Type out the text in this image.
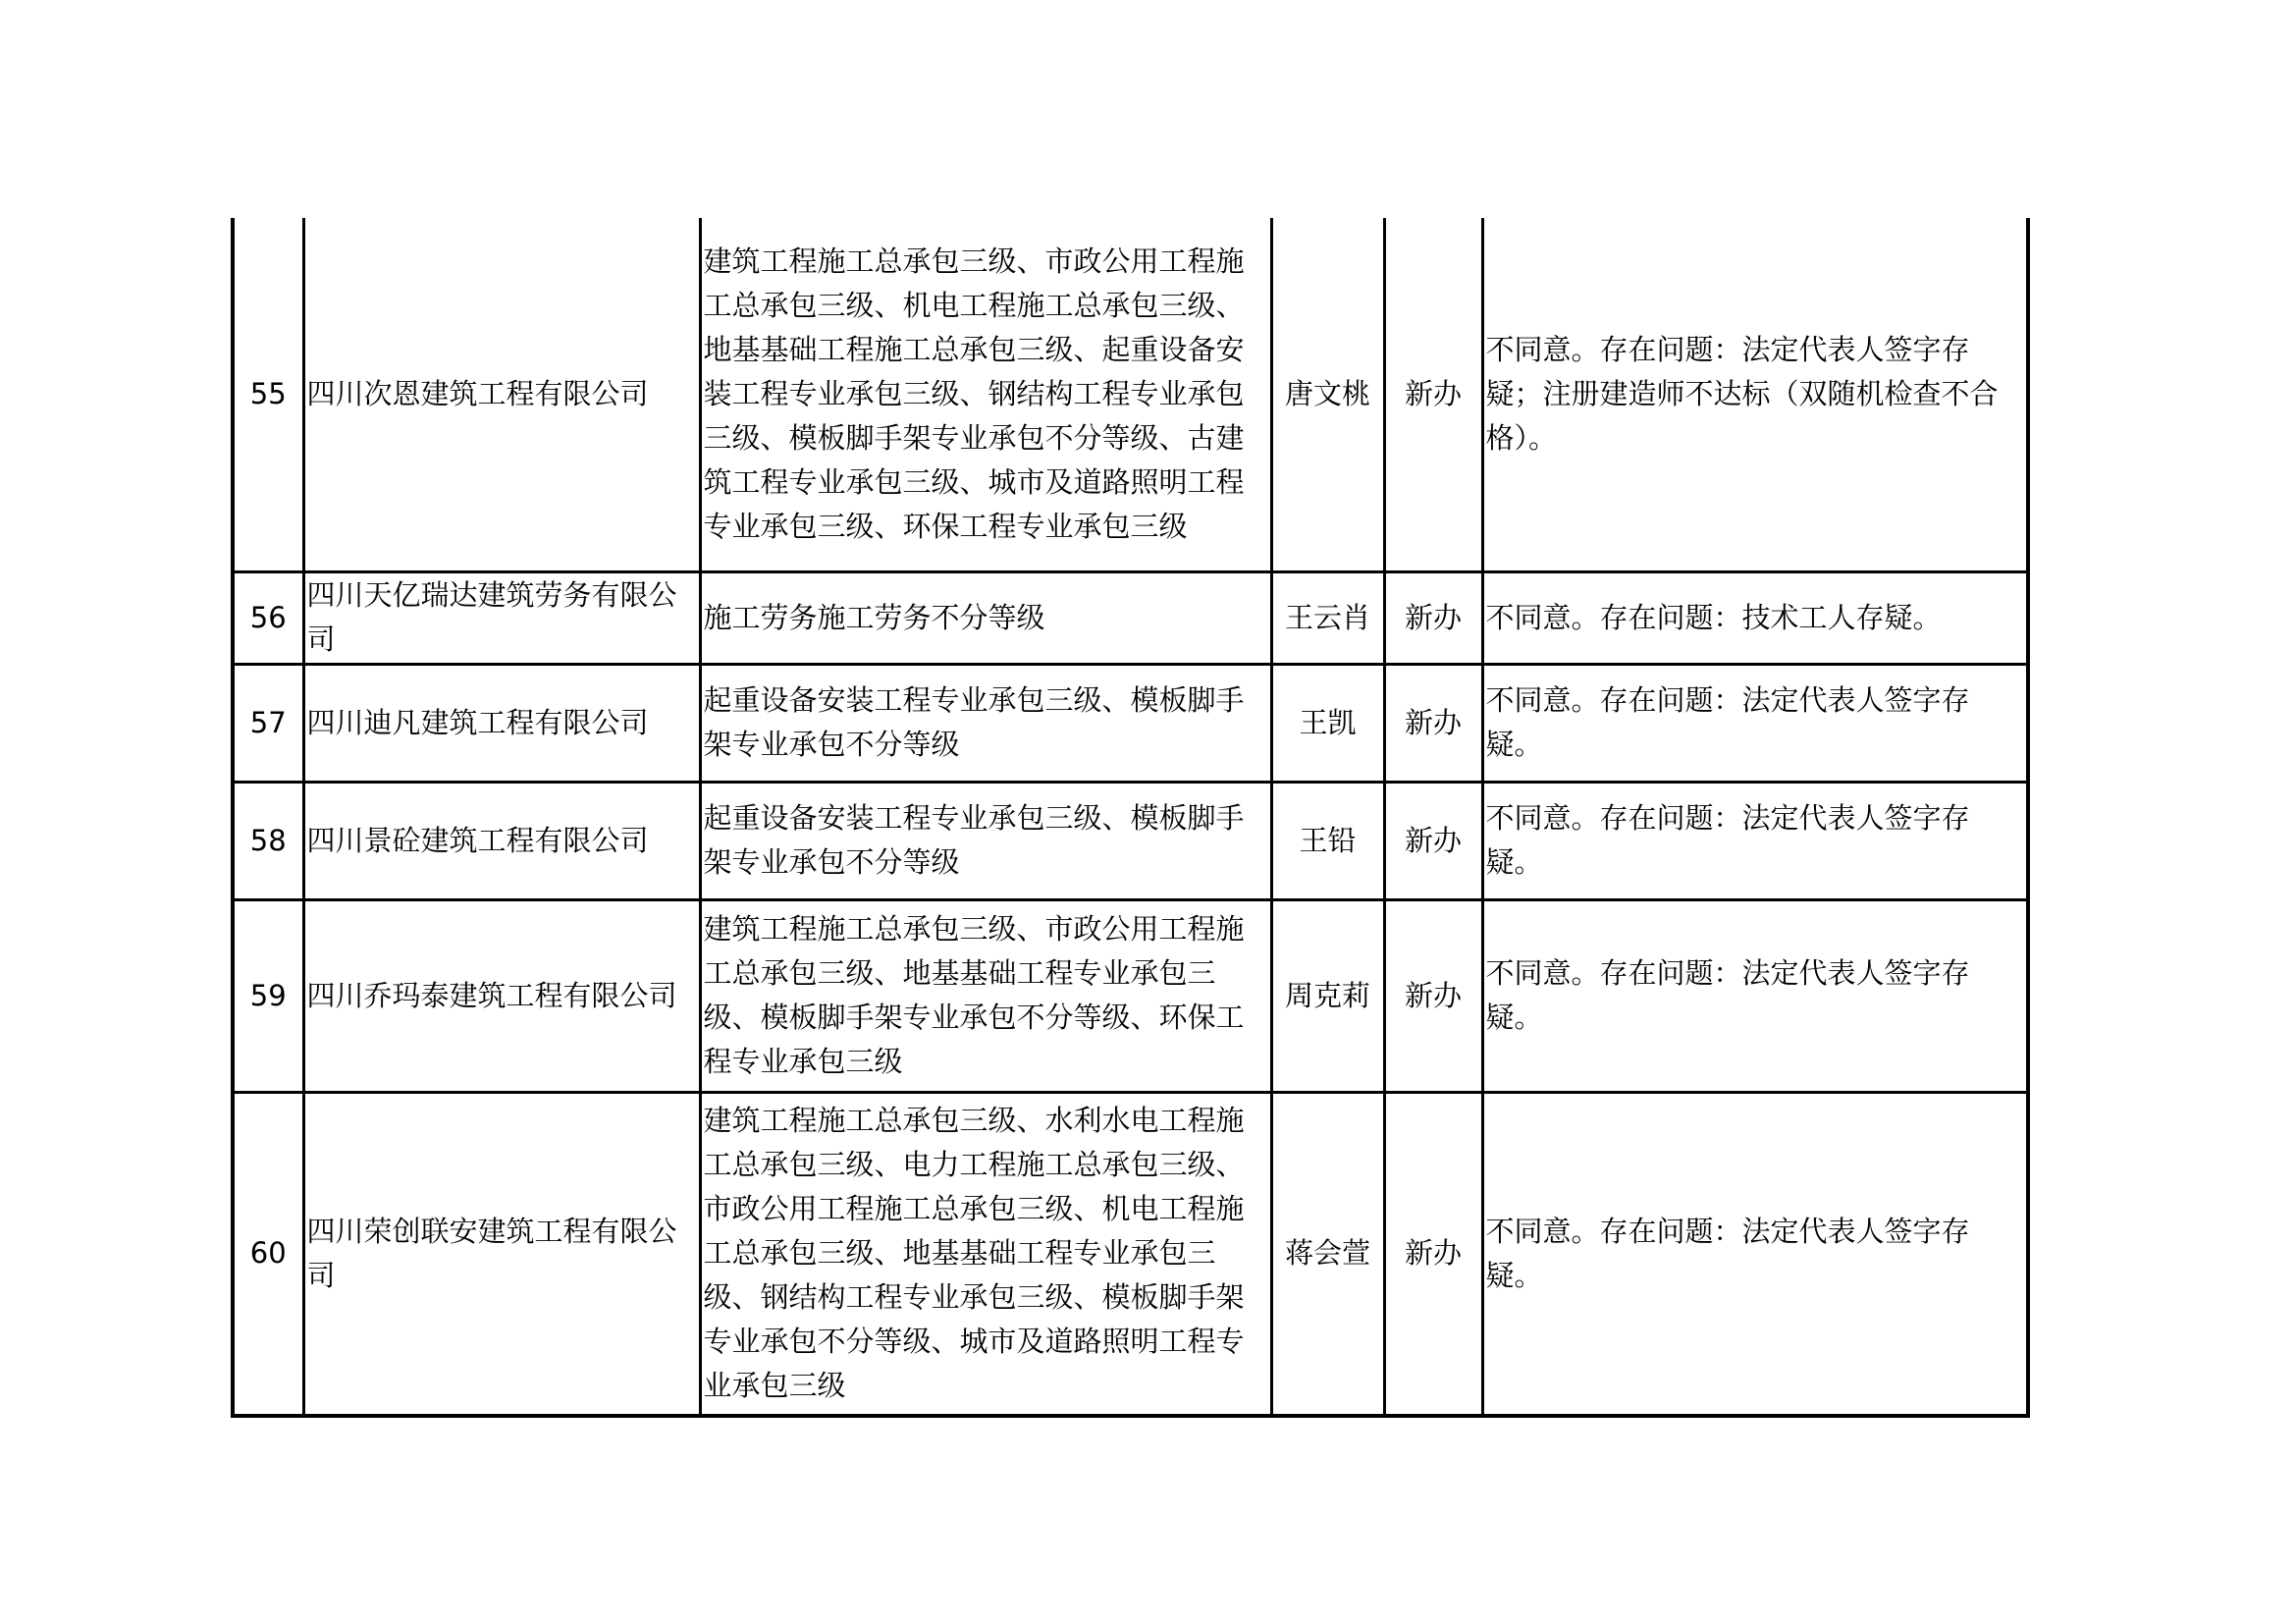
55	四川次恩建筑工程有限公司	建筑工程施工总承包三级、市政公用工程施工总承包三级、机电工程施工总承包三级、地基基础工程施工总承包三级、起重设备安装工程专业承包三级、钢结构工程专业承包三级、模板脚手架专业承包不分等级、古建筑工程专业承包三级、城市及道路照明工程专业承包三级、环保工程专业承包三级	唐文桃	新办	不同意。存在问题：法定代表人签字存疑；注册建造师不达标（双随机检查不合格）。
56	四川天亿瑞达建筑劳务有限公司	施工劳务施工劳务不分等级	王云肖	新办	不同意。存在问题：技术工人存疑。
57	四川迪凡建筑工程有限公司	起重设备安装工程专业承包三级、模板脚手架专业承包不分等级	王凯	新办	不同意。存在问题：法定代表人签字存疑。
58	四川景砼建筑工程有限公司	起重设备安装工程专业承包三级、模板脚手架专业承包不分等级	王铅	新办	不同意。存在问题：法定代表人签字存疑。
59	四川乔玛泰建筑工程有限公司	建筑工程施工总承包三级、市政公用工程施工总承包三级、地基基础工程专业承包三级、模板脚手架专业承包不分等级、环保工程专业承包三级	周克莉	新办	不同意。存在问题：法定代表人签字存疑。
60	四川荣创联安建筑工程有限公司	建筑工程施工总承包三级、水利水电工程施工总承包三级、电力工程施工总承包三级、市政公用工程施工总承包三级、机电工程施工总承包三级、地基基础工程专业承包三级、钢结构工程专业承包三级、模板脚手架专业承包不分等级、城市及道路照明工程专业承包三级	蒋会萱	新办	不同意。存在问题：法定代表人签字存疑。
